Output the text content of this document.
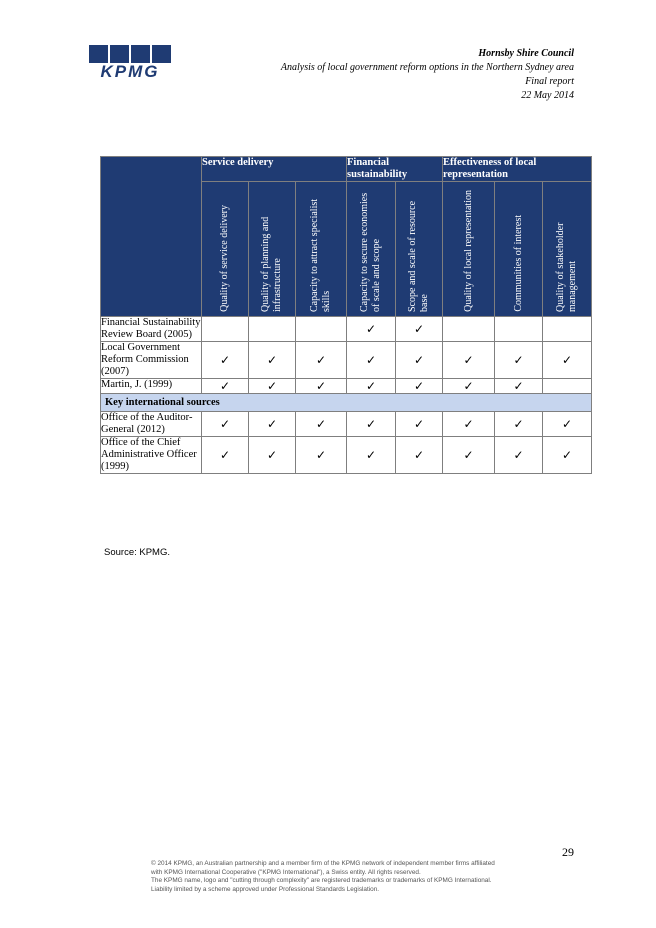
KPMG
Hornsby Shire Council
Analysis of local government reform options in the Northern Sydney area
Final report
22 May 2014
	Service delivery			Financial sustainability		Effectiveness of local representation		

	Quality of service delivery	Quality of planning and infrastructure	Capacity to attract specialist skills	Capacity to secure economies of scale and scope	Scope and scale of resource base	Quality of local representation	Communities of interest	Quality of stakeholder management

Financial Sustainability Review Board (2005)				✓	✓			
Local Government Reform Commission (2007)	✓	✓	✓	✓	✓	✓	✓	✓
Martin, J. (1999)	✓	✓	✓	✓	✓	✓	✓	
Key international sources								
Office of the Auditor-General (2012)	✓	✓	✓	✓	✓	✓	✓	✓
Office of the Chief Administrative Officer (1999)	✓	✓	✓	✓	✓	✓	✓	✓
Source: KPMG.
29
© 2014 KPMG, an Australian partnership and a member firm of the KPMG network of independent member firms affiliated
with KPMG International Cooperative ("KPMG International"), a Swiss entity. All rights reserved.
The KPMG name, logo and "cutting through complexity" are registered trademarks or trademarks of KPMG International.
Liability limited by a scheme approved under Professional Standards Legislation.
